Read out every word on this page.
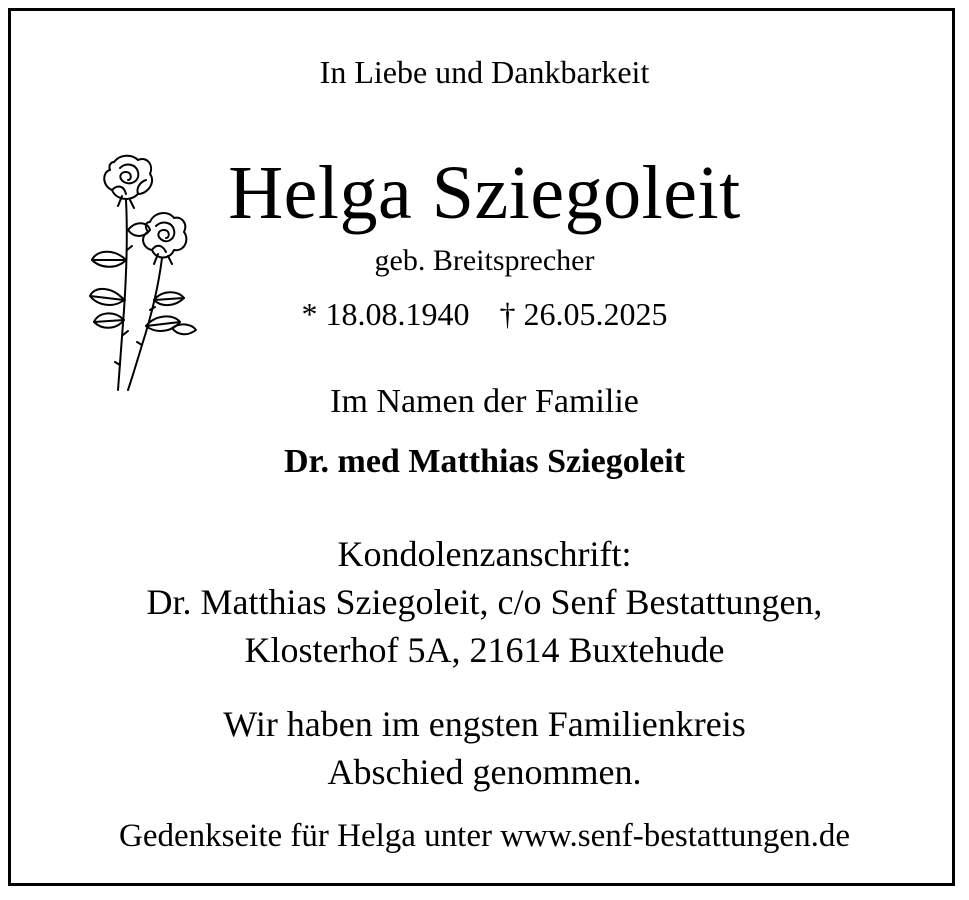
In Liebe und Dankbarkeit
Helga Sziegoleit
geb. Breitsprecher
* 18.08.1940 † 26.05.2025
Im Namen der Familie
Dr. med Matthias Sziegoleit
Kondolenzanschrift:
Dr. Matthias Sziegoleit, c/o Senf Bestattungen,
Klosterhof 5A, 21614 Buxtehude
Wir haben im engsten Familienkreis
Abschied genommen.
Gedenkseite für Helga unter www.senf-bestattungen.de
